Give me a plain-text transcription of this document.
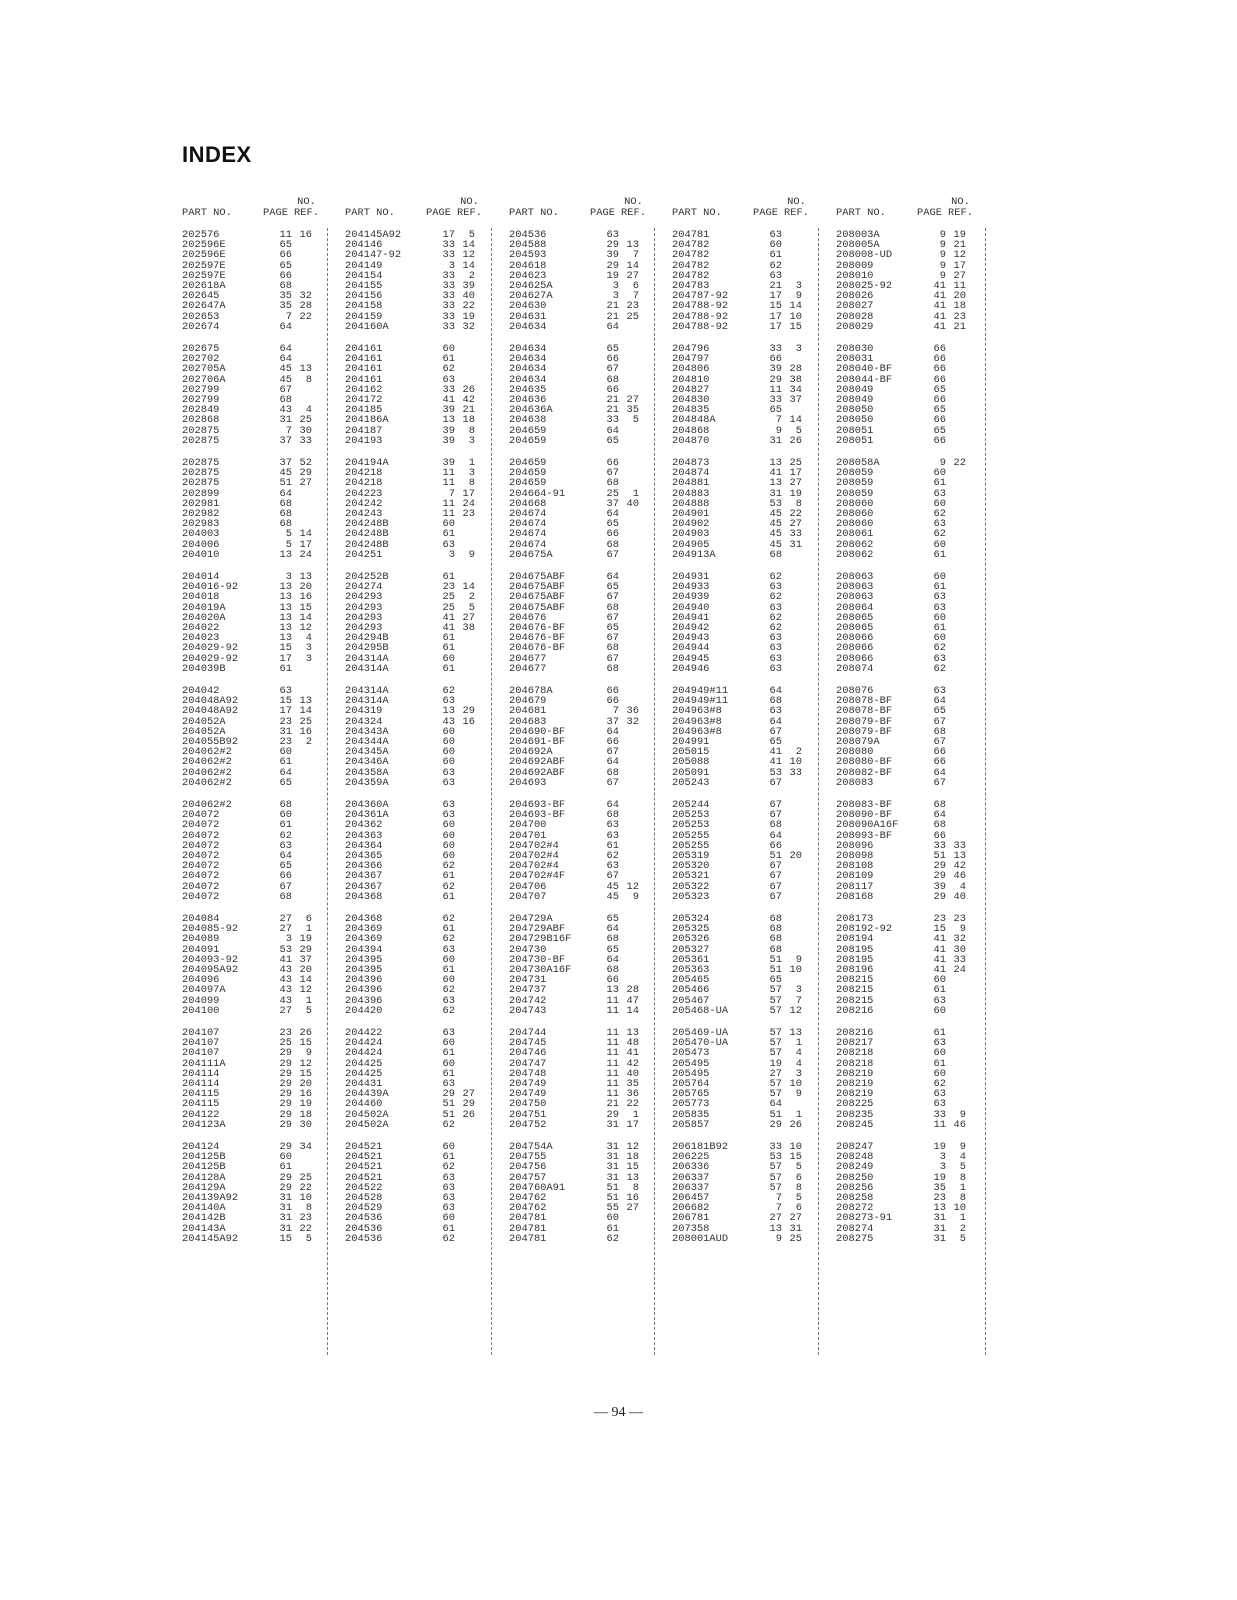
INDEX
PART NO.	PAGE
NO.
REF.
202576	11 16
202596E	65
202596E	66
202597E	65
202597E	66
202618A	68
202645	35 32
202647A	35 28
202653	7 22
202674	64
202675	64
202702	64
202705A	45 13
202706A	45	8
202799	67
202799	68
202849	43	4
202868	31 25
202875	7 30
202875	37 33
202875	37 52
202875	45 29
202875	51 27
202899	64
202981	68
202982	68
202983	68
204003	5 14
204006	5 17
204010	13 24
204014	3 13
204016-92	13 20
204018	13 16
204019A	13 15
204020A	13 14
204022	13 12
204023	13	4
204029-92	15	3
204029-92	17	3
204039B	61
204042	63
204048A92	15 13
204048A92	17 14
204052A	23 25
204052A	31 16
204055B92	23	2
204062#2	60
204062#2	61
204062#2	64
204062#2	65
204062#2	68
204072	60
204072	61
204072	62
204072	63
204072	64
204072	65
204072	66
204072	67
204072	68
204084	27	6
204085-92	27	1
204089	3 19
204091	53 29
204093-92	41 37
204095A92	43 20
204096	43 14
204097A	43 12
204099	43	1
204100	27	5
204107	23 26
204107	25 15
204107	29	9
204111A	29 12
204114	29 15
204114	29 20
204115	29 16
204115	29 19
204122	29 18
204123A	29 30
204124	29 34
204125B	60
204125B	61
204128A	29 25
204129A	29 22
204139A92	31 10
204140A	31	8
204142B	31 23
204143A	31 22
204145A92	15	5
PART NO.	PAGE
NO.
REF.
204145A92	17	5
204146	33 14
204147-92	33 12
204149	3 14
204154	33	2
204155	33 39
204156	33 40
204158	33 22
204159	33 19
204160A	33 32
204161	60
204161	61
204161	62
204161	63
204162	33 26
204172	41 42
204185	39 21
204186A	13 18
204187	39	8
204193	39	3
204194A	39	1
204218	11	3
204218	11	8
204223	7 17
204242	11 24
204243	11 23
204248B	60
204248B	61
204248B	63
204251	3	9
204252B	61
204274	23 14
204293	25	2
204293	25	5
204293	41 27
204293	41 38
204294B	61
204295B	61
204314A	60
204314A	61
204314A	62
204314A	63
204319	13 29
204324	43 16
204343A	60
204344A	60
204345A	60
204346A	60
204358A	63
204359A	63
204360A	63
204361A	63
204362	60
204363	60
204364	60
204365	60
204366	62
204367	61
204367	62
204368	61
204368	62
204369	61
204369	62
204394	63
204395	60
204395	61
204396	60
204396	62
204396	63
204420	62
204422	63
204424	60
204424	61
204425	60
204425	61
204431	63
204439A	29 27
204460	51 29
204502A	51 26
204502A	62
204521	60
204521	61
204521	62
204521	63
204522	63
204528	63
204529	63
204536	60
204536	61
204536	62
PART NO.	PAGE
NO.
REF.
204536	63
204588	29 13
204593	39	7
204618	29 14
204623	19 27
204625A	3	6
204627A	3	7
204630	21 23
204631	21 25
204634	64
204634	65
204634	66
204634	67
204634	68
204635	66
204636	21 27
204636A	21 35
204638	33	5
204659	64
204659	65
204659	66
204659	67
204659	68
204664-91	25	1
204668	37 40
204674	64
204674	65
204674	66
204674	68
204675A	67
204675ABF	64
204675ABF	65
204675ABF	67
204675ABF	68
204676	67
204676-BF	65
204676-BF	67
204676-BF	68
204677	67
204677	68
204678A	66
204679	66
204681	7 36
204683	37 32
204690-BF	64
204691-BF	66
204692A	67
204692ABF	64
204692ABF	68
204693	67
204693-BF	64
204693-BF	68
204700	63
204701	63
204702#4	61
204702#4	62
204702#4	63
204702#4F	67
204706	45 12
204707	45	9
204729A	65
204729ABF	64
204729B16F	68
204730	65
204730-BF	64
204730A16F	68
204731	66
204737	13 28
204742	11 47
204743	11 14
204744	11 13
204745	11 48
204746	11 41
204747	11 42
204748	11 40
204749	11 35
204749	11 36
204750	21 22
204751	29	1
204752	31 17
204754A	31 12
204755	31 18
204756	31 15
204757	31 13
204760A91	51	8
204762	51 16
204762	55 27
204781	60
204781	61
204781	62
PART NO.	PAGE
NO.
REF.
204781	63
204782	60
204782	61
204782	62
204782	63
204783	21	3
204787-92	17	9
204788-92	15 14
204788-92	17 10
204788-92	17 15
204796	33	3
204797	66
204806	39 28
204810	29 38
204827	11 34
204830	33 37
204835	65
204848A	7 14
204868	9	5
204870	31 26
204873	13 25
204874	41 17
204881	13 27
204883	31 19
204888	53	8
204901	45 22
204902	45 27
204903	45 33
204905	45 31
204913A	68
204931	62
204933	63
204939	62
204940	63
204941	62
204942	62
204943	63
204944	63
204945	63
204946	63
204949#11	64
204949#11	68
204963#8	63
204963#8	64
204963#8	67
204991	65
205015	41	2
205088	41 10
205091	53 33
205243	67
205244	67
205253	67
205253	68
205255	64
205255	66
205319	51 20
205320	67
205321	67
205322	67
205323	67
205324	68
205325	68
205326	68
205327	68
205361	51	9
205363	51 10
205465	65
205466	57	3
205467	57	7
205468-UA	57 12
205469-UA	57 13
205470-UA	57	1
205473	57	4
205495	19	4
205495	27	3
205764	57 10
205765	57	9
205773	64
205835	51	1
205857	29 26
206181B92	33 10
206225	53 15
206336	57	5
206337	57	6
206337	57	8
206457	7	5
206682	7	6
206781	27 27
207358	13 31
208001AUD	9 25
PART NO.	PAGE
NO.
REF.
208003A	9 19
208005A	9 21
208008-UD	9 12
208009	9 17
208010	9 27
208025-92	41 11
208026	41 20
208027	41 18
208028	41 23
208029	41 21
208030	66
208031	66
208040-BF	66
208044-BF	66
208049	65
208049	66
208050	65
208050	66
208051	65
208051	66
208058A	9 22
208059	60
208059	61
208059	63
208060	60
208060	62
208060	63
208061	62
208062	60
208062	61
208063	60
208063	61
208063	63
208064	63
208065	60
208065	61
208066	60
208066	62
208066	63
208074	62
208076	63
208078-BF	64
208078-BF	65
208079-BF	67
208079-BF	68
208079A	67
208080	66
208080-BF	66
208082-BF	64
208083	67
208083-BF	68
208090-BF	64
208090A16F	68
208093-BF	66
208096	33 33
208098	51 13
208108	29 42
208109	29 46
208117	39	4
208168	29 40
208173	23 23
208192-92	15	9
208194	41 32
208195	41 30
208195	41 33
208196	41 24
208215	60
208215	61
208215	63
208216	60
208216	61
208217	63
208218	60
208218	61
208219	60
208219	62
208219	63
208225	63
208235	33	9
208245	11 46
208247	19	9
208248	3	4
208249	3	5
208250	19	8
208256	35	1
208258	23	8
208272	13 10
208273-91	31	1
208274	31	2
208275	31	5
— 94 —
